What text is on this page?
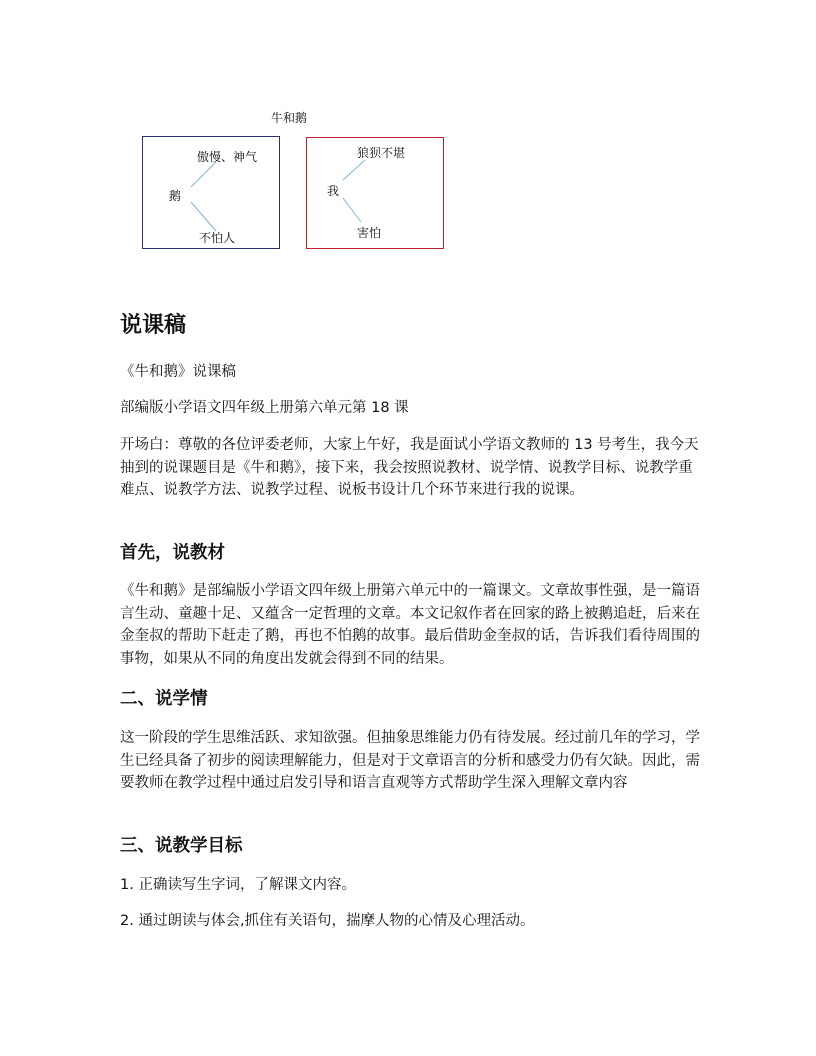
牛和鹅
傲慢、神气
鹅
不怕人
狼狈不堪
我
害怕
说课稿

《牛和鹅》说课稿

部编版小学语文四年级上册第六单元第 18 课

开场白：尊敬的各位评委老师，大家上午好，我是面试小学语文教师的 13 号考生，我今天抽到的说课题目是《牛和鹅》，接下来，我会按照说教材、说学情、说教学目标、说教学重难点、说教学方法、说教学过程、说板书设计几个环节来进行我的说课。

首先，说教材

《牛和鹅》是部编版小学语文四年级上册第六单元中的一篇课文。文章故事性强，是一篇语言生动、童趣十足、又蕴含一定哲理的文章。本文记叙作者在回家的路上被鹅追赶，后来在金奎叔的帮助下赶走了鹅，再也不怕鹅的故事。最后借助金奎叔的话，告诉我们看待周围的事物，如果从不同的角度出发就会得到不同的结果。

二、说学情

这一阶段的学生思维活跃、求知欲强。但抽象思维能力仍有待发展。经过前几年的学习，学生已经具备了初步的阅读理解能力，但是对于文章语言的分析和感受力仍有欠缺。因此，需要教师在教学过程中通过启发引导和语言直观等方式帮助学生深入理解文章内容

三、说教学目标

1. 正确读写生字词，了解课文内容。

2. 通过朗读与体会,抓住有关语句，揣摩人物的心情及心理活动。
